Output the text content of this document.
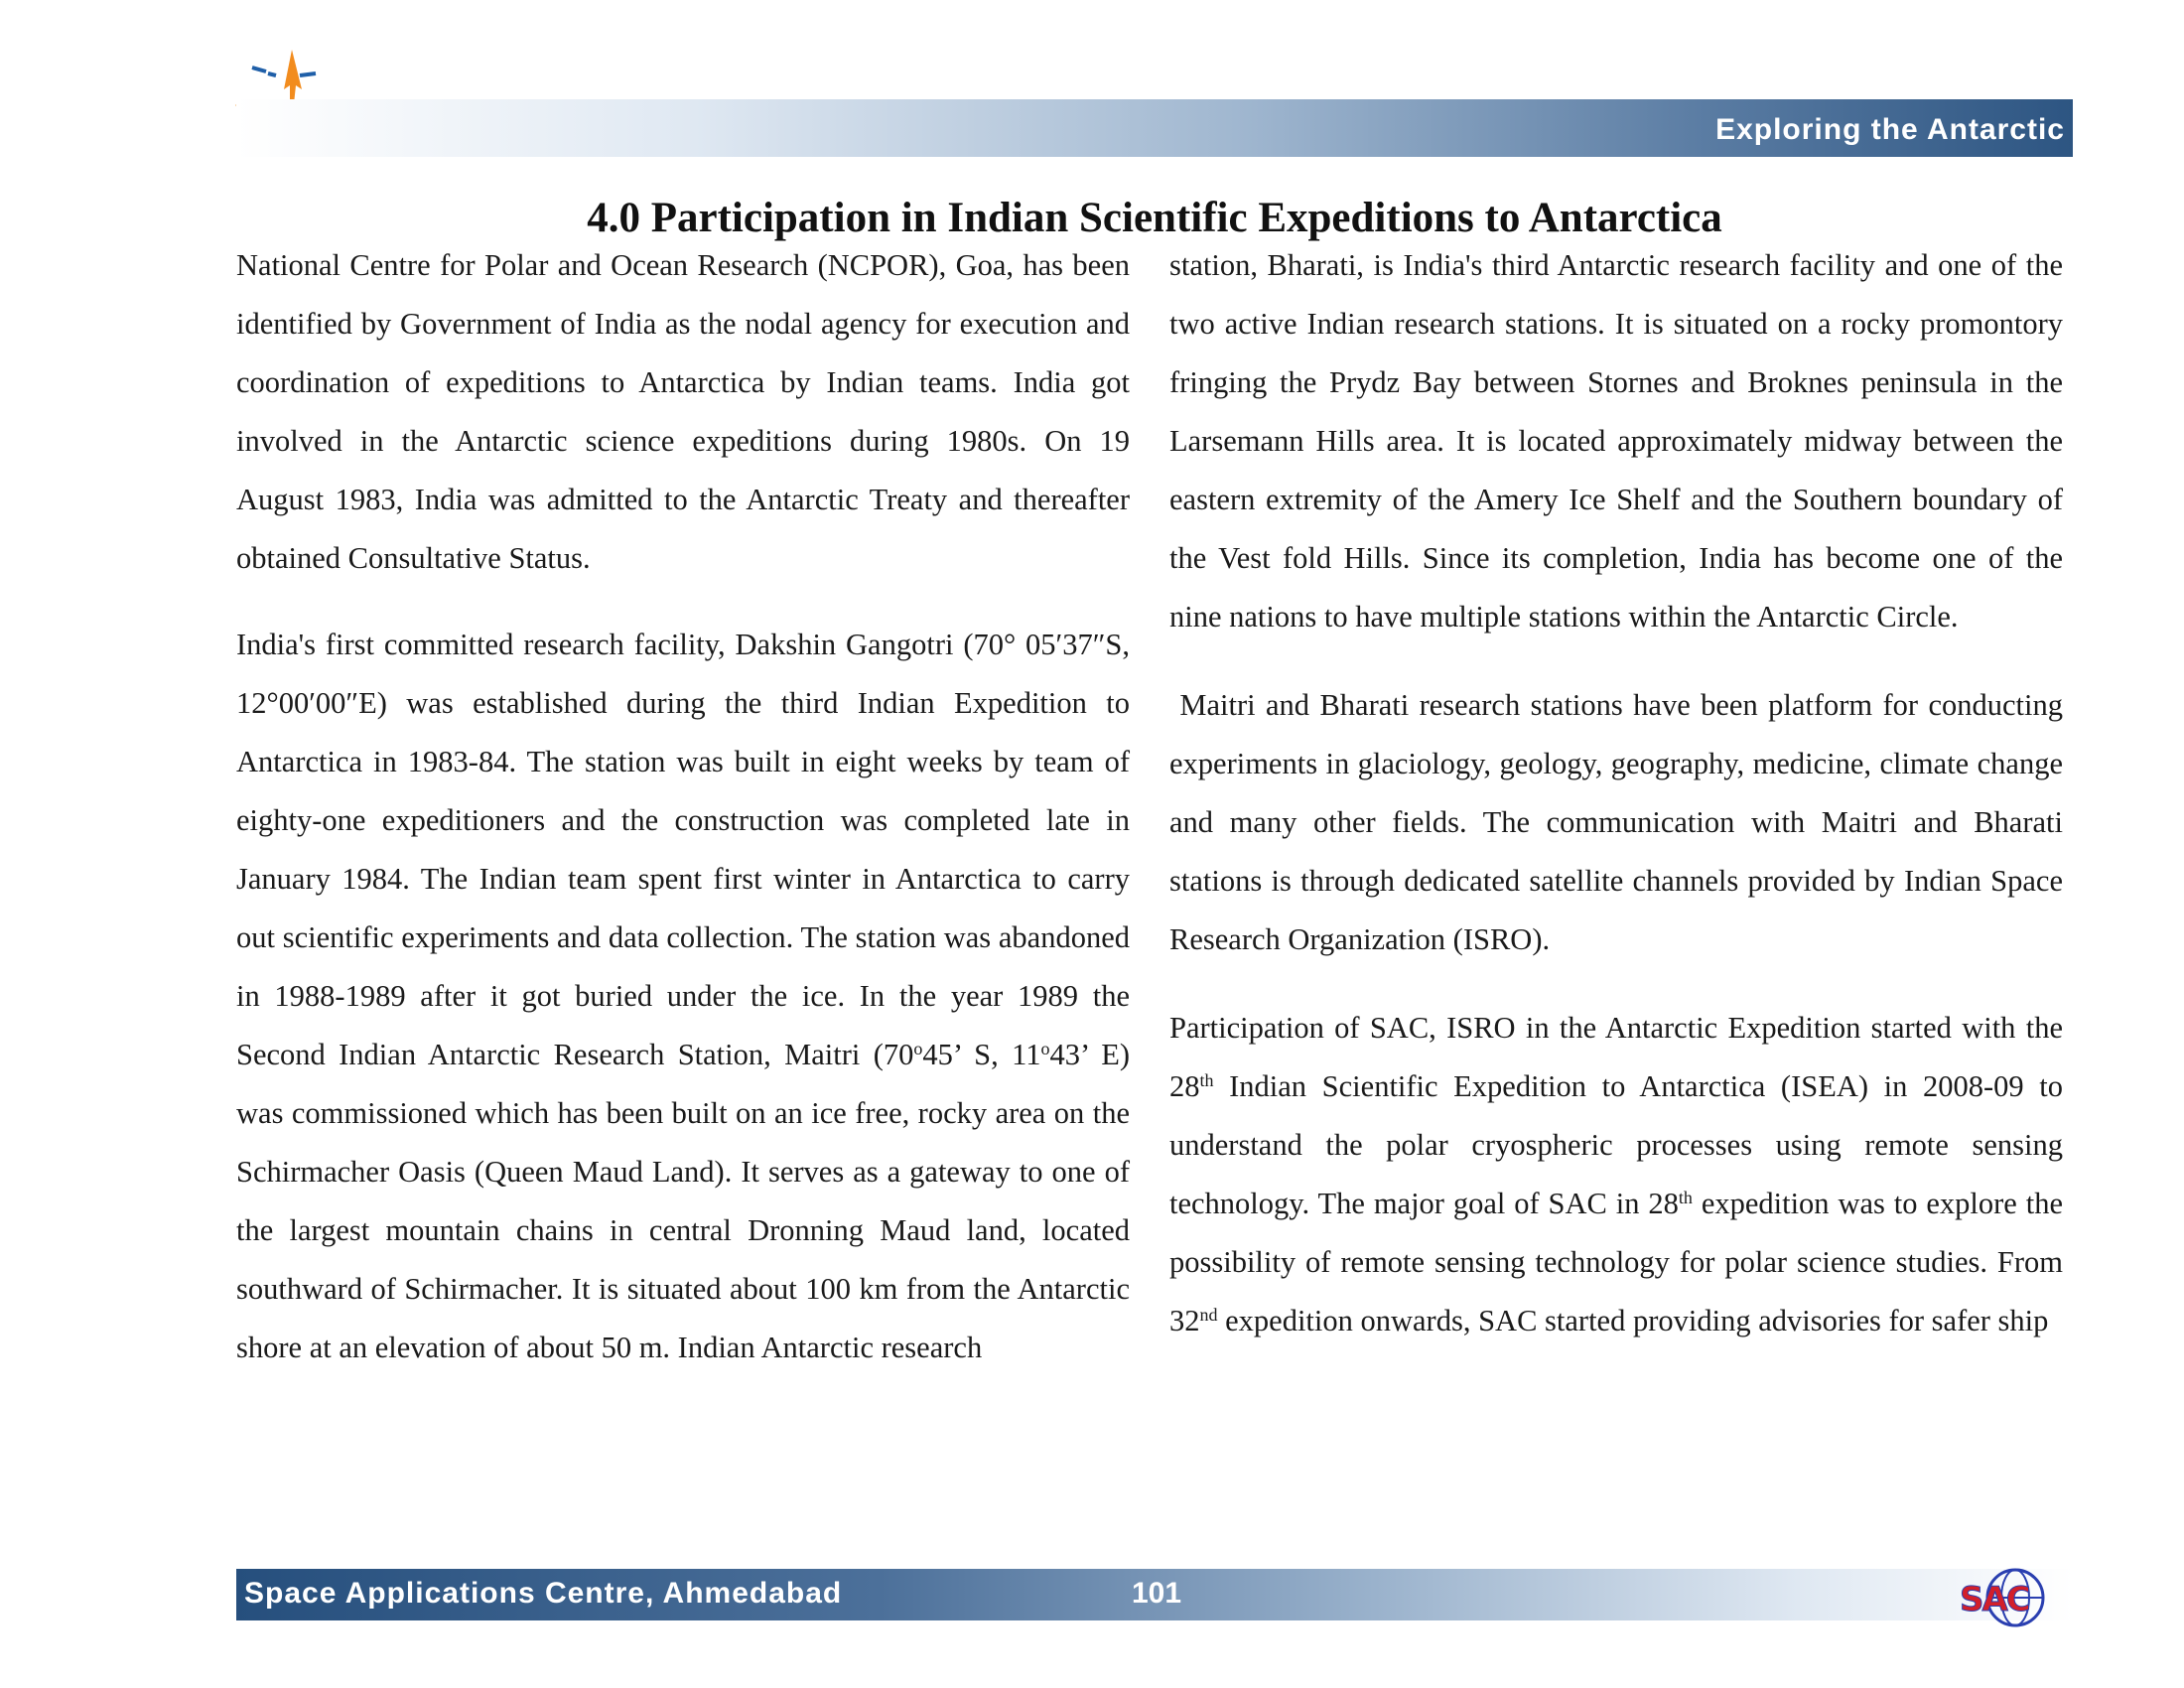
Exploring the Antarctic
4.0 Participation in Indian Scientific Expeditions to Antarctica

National Centre for Polar and Ocean Research (NCPOR), Goa, has been identified by Government of India as the nodal agency for execution and coordination of expeditions to Antarctica by Indian teams. India got involved in the Antarctic science expeditions during 1980s. On 19 August 1983, India was admitted to the Antarctic Treaty and thereafter obtained Consultative Status.

India's first committed research facility, Dakshin Gangotri (70° 05′37″S, 12°00′00″E) was established during the third Indian Expedition to Antarctica in 1983-84. The station was built in eight weeks by team of eighty-one expeditioners and the construction was completed late in January 1984. The Indian team spent first winter in Antarctica to carry out scientific experiments and data collection. The station was abandoned in 1988-1989 after it got buried under the ice. In the year 1989 the Second Indian Antarctic Research Station, Maitri (70$^o$45’ S, 11$^o$43’ E) was commissioned which has been built on an ice free, rocky area on the Schirmacher Oasis (Queen Maud Land). It serves as a gateway to one of the largest mountain chains in central Dronning Maud land, located southward of Schirmacher. It is situated about 100 km from the Antarctic shore at an elevation of about 50 m. Indian Antarctic research

station, Bharati, is India's third Antarctic research facility and one of the two active Indian research stations. It is situated on a rocky promontory fringing the Prydz Bay between Stornes and Broknes peninsula in the Larsemann Hills area. It is located approximately midway between the eastern extremity of the Amery Ice Shelf and the Southern boundary of the Vest fold Hills. Since its completion, India has become one of the nine nations to have multiple stations within the Antarctic Circle.

Maitri and Bharati research stations have been platform for conducting experiments in glaciology, geology, geography, medicine, climate change and many other fields. The communication with Maitri and Bharati stations is through dedicated satellite channels provided by Indian Space Research Organization (ISRO).

Participation of SAC, ISRO in the Antarctic Expedition started with the 28th Indian Scientific Expedition to Antarctica (ISEA) in 2008-09 to understand the polar cryospheric processes using remote sensing technology. The major goal of SAC in 28th expedition was to explore the possibility of remote sensing technology for polar science studies. From 32nd expedition onwards, SAC started providing advisories for safer ship

Space Applications Centre, Ahmedabad	101	SAC
